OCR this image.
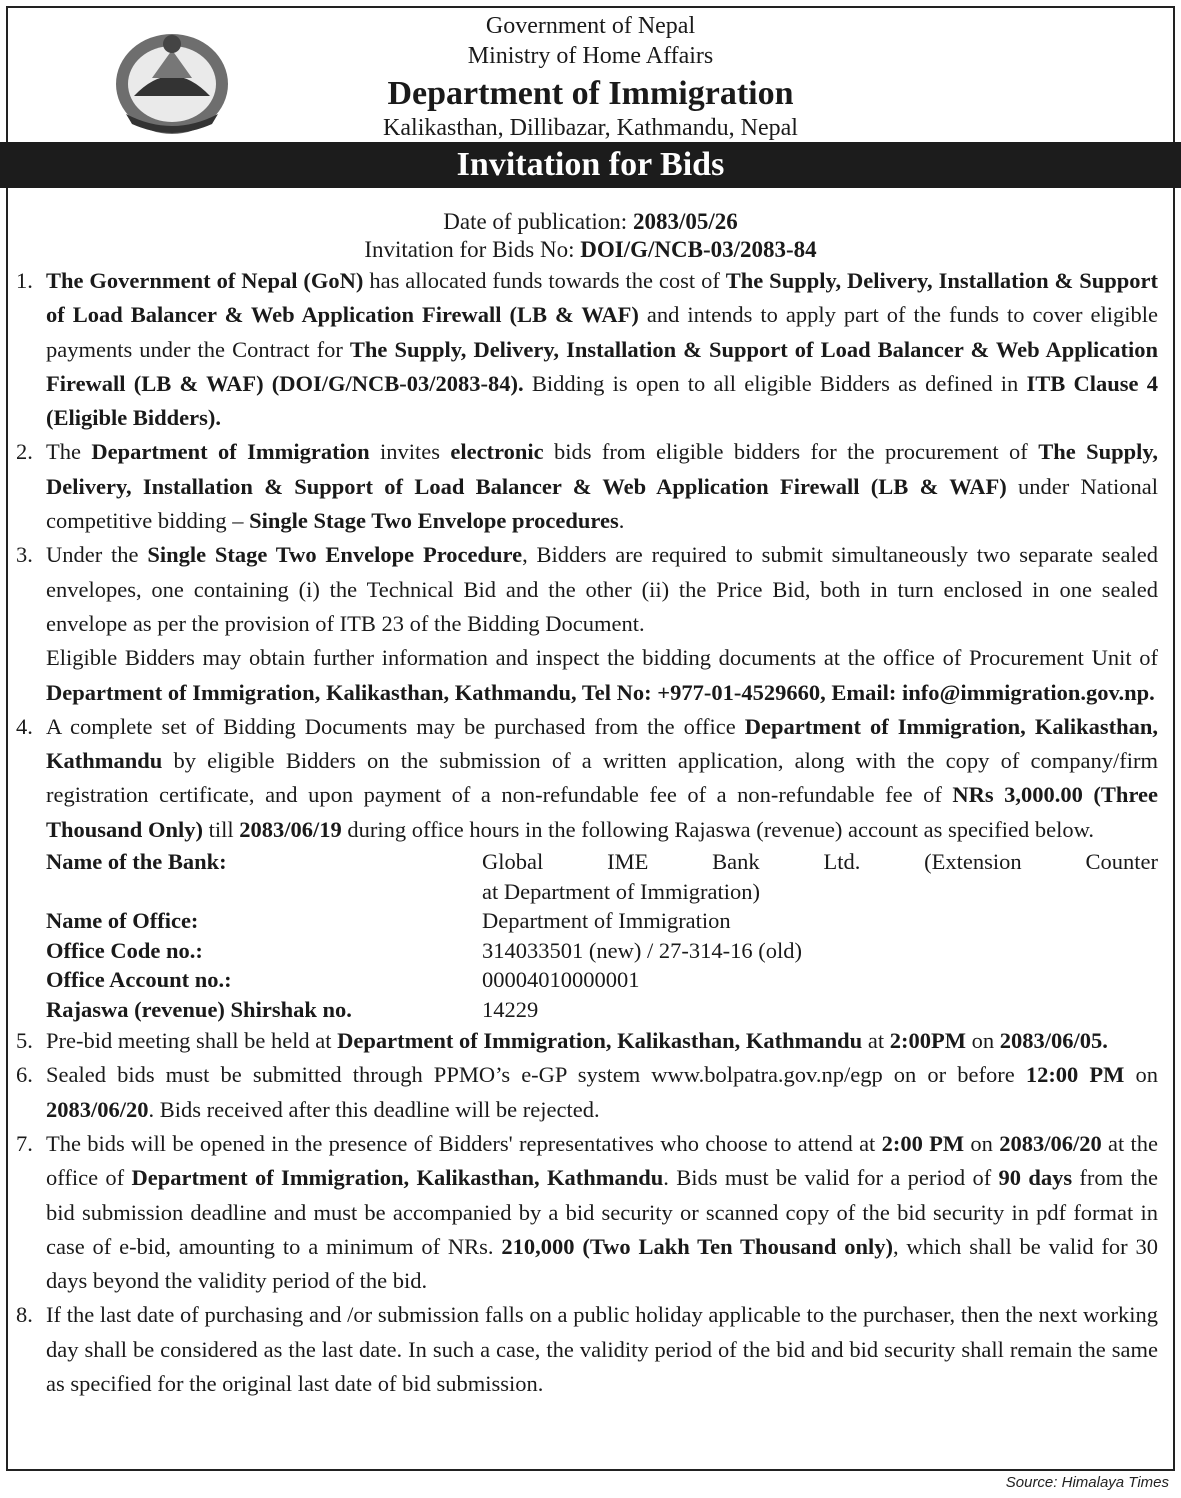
Government of Nepal
Ministry of Home Affairs
Department of Immigration
Kalikasthan, Dillibazar, Kathmandu, Nepal
Invitation for Bids
Date of publication: 2083/05/26
Invitation for Bids No: DOI/G/NCB-03/2083-84
1. The Government of Nepal (GoN) has allocated funds towards the cost of The Supply, Delivery, Installation & Support of Load Balancer & Web Application Firewall (LB & WAF) and intends to apply part of the funds to cover eligible payments under the Contract for The Supply, Delivery, Installation & Support of Load Balancer & Web Application Firewall (LB & WAF) (DOI/G/NCB-03/2083-84). Bidding is open to all eligible Bidders as defined in ITB Clause 4 (Eligible Bidders).
2. The Department of Immigration invites electronic bids from eligible bidders for the procurement of The Supply, Delivery, Installation & Support of Load Balancer & Web Application Firewall (LB & WAF) under National competitive bidding – Single Stage Two Envelope procedures.
3. Under the Single Stage Two Envelope Procedure, Bidders are required to submit simultaneously two separate sealed envelopes, one containing (i) the Technical Bid and the other (ii) the Price Bid, both in turn enclosed in one sealed envelope as per the provision of ITB 23 of the Bidding Document.
Eligible Bidders may obtain further information and inspect the bidding documents at the office of Procurement Unit of Department of Immigration, Kalikasthan, Kathmandu, Tel No: +977-01-4529660, Email: info@immigration.gov.np.
4. A complete set of Bidding Documents may be purchased from the office Department of Immigration, Kalikasthan, Kathmandu by eligible Bidders on the submission of a written application, along with the copy of company/firm registration certificate, and upon payment of a non-refundable fee of a non-refundable fee of NRs 3,000.00 (Three Thousand Only) till 2083/06/19 during office hours in the following Rajaswa (revenue) account as specified below.
Name of the Bank:	Global IME Bank Ltd. (Extension Counter
at Department of Immigration)
Name of Office:	Department of Immigration
Office Code no.:	314033501 (new) / 27-314-16 (old)
Office Account no.:	00004010000001
Rajaswa (revenue) Shirshak no.	14229
5. Pre-bid meeting shall be held at Department of Immigration, Kalikasthan, Kathmandu at 2:00PM on 2083/06/05.
6. Sealed bids must be submitted through PPMO’s e-GP system www.bolpatra.gov.np/egp on or before 12:00 PM on 2083/06/20. Bids received after this deadline will be rejected.
7. The bids will be opened in the presence of Bidders' representatives who choose to attend at 2:00 PM on 2083/06/20 at the office of Department of Immigration, Kalikasthan, Kathmandu. Bids must be valid for a period of 90 days from the bid submission deadline and must be accompanied by a bid security or scanned copy of the bid security in pdf format in case of e-bid, amounting to a minimum of NRs. 210,000 (Two Lakh Ten Thousand only), which shall be valid for 30 days beyond the validity period of the bid.
8. If the last date of purchasing and /or submission falls on a public holiday applicable to the purchaser, then the next working day shall be considered as the last date. In such a case, the validity period of the bid and bid security shall remain the same as specified for the original last date of bid submission.
Source: Himalaya Times
